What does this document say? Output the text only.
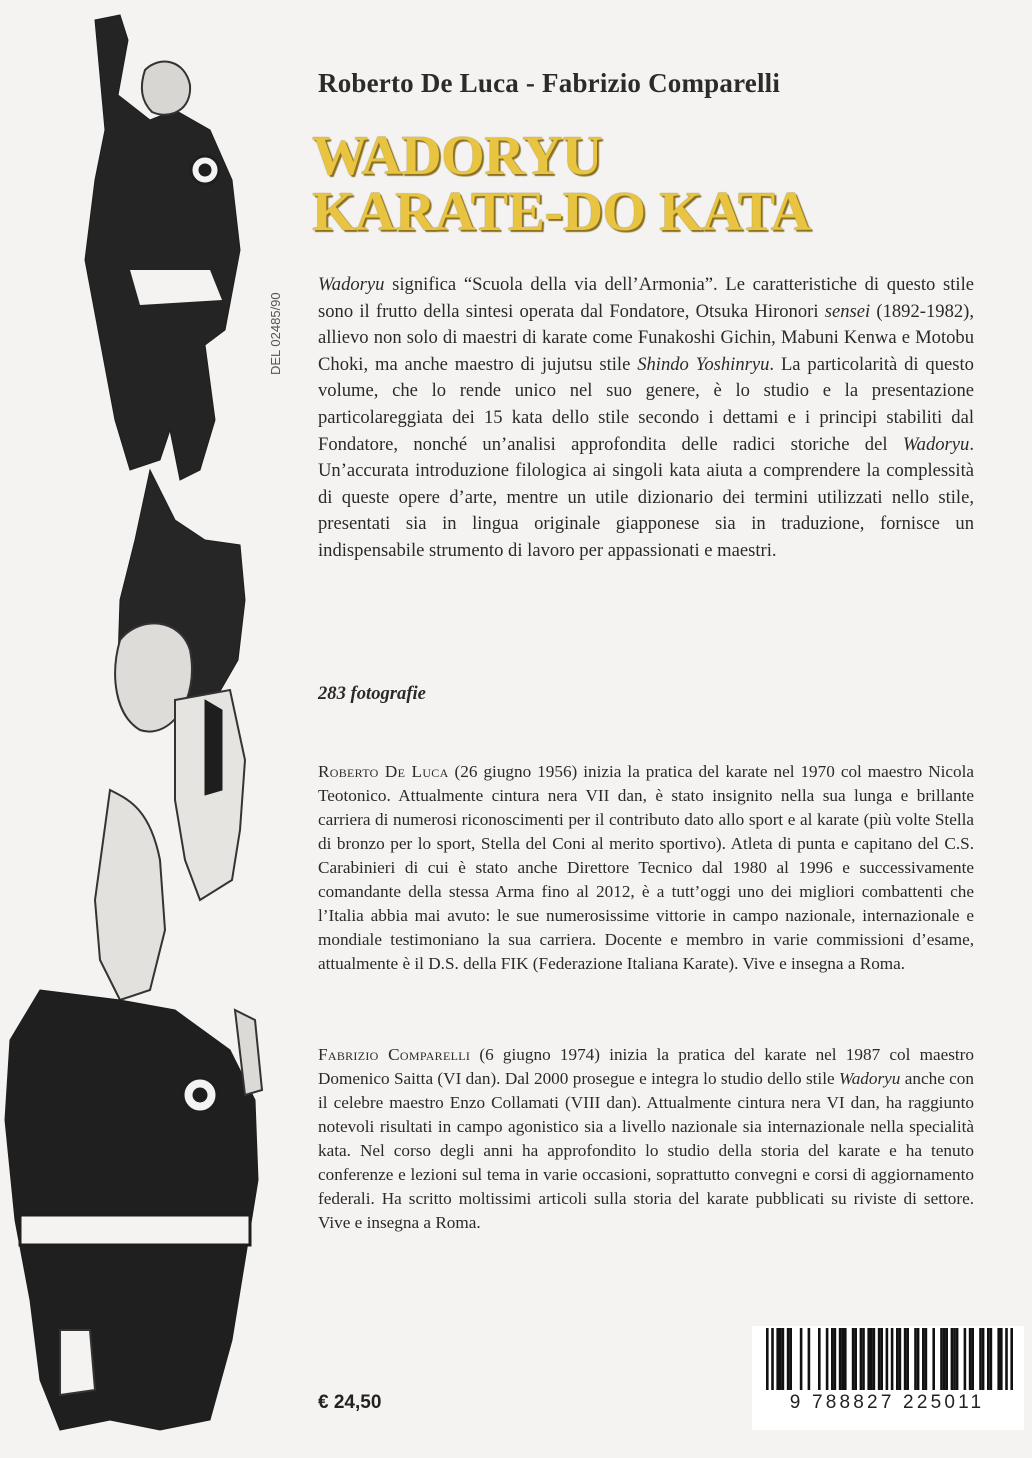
DEL 02485/90
Roberto De Luca - Fabrizio Comparelli
WADORYU
KARATE-DO KATA

Wadoryu significa “Scuola della via dell’Armonia”. Le caratteristiche di questo stile sono il frutto della sintesi operata dal Fondatore, Otsuka Hironori sensei (1892-1982), allievo non solo di maestri di karate come Funakoshi Gichin, Mabuni Kenwa e Motobu Choki, ma anche maestro di jujutsu stile Shindo Yoshinryu. La particolarità di questo volume, che lo rende unico nel suo genere, è lo studio e la presentazione particolareggiata dei 15 kata dello stile secondo i dettami e i principi stabiliti dal Fondatore, nonché un’analisi approfondita delle radici storiche del Wadoryu. Un’accurata introduzione filologica ai singoli kata aiuta a comprendere la complessità di queste opere d’arte, mentre un utile dizionario dei termini utilizzati nello stile, presentati sia in lingua originale giapponese sia in traduzione, fornisce un indispensabile strumento di lavoro per appassionati e maestri.

283 fotografie

Roberto De Luca (26 giugno 1956) inizia la pratica del karate nel 1970 col maestro Nicola Teotonico. Attualmente cintura nera VII dan, è stato insignito nella sua lunga e brillante carriera di numerosi riconoscimenti per il contributo dato allo sport e al karate (più volte Stella di bronzo per lo sport, Stella del Coni al merito sportivo). Atleta di punta e capitano del C.S. Carabinieri di cui è stato anche Direttore Tecnico dal 1980 al 1996 e successivamente comandante della stessa Arma fino al 2012, è a tutt’oggi uno dei migliori combattenti che l’Italia abbia mai avuto: le sue numerosissime vittorie in campo nazionale, internazionale e mondiale testimoniano la sua carriera. Docente e membro in varie commissioni d’esame, attualmente è il D.S. della FIK (Federazione Italiana Karate). Vive e insegna a Roma.

Fabrizio Comparelli (6 giugno 1974) inizia la pratica del karate nel 1987 col maestro Domenico Saitta (VI dan). Dal 2000 prosegue e integra lo studio dello stile Wadoryu anche con il celebre maestro Enzo Collamati (VIII dan). Attualmente cintura nera VI dan, ha raggiunto notevoli risultati in campo agonistico sia a livello nazionale sia internazionale nella specialità kata. Nel corso degli anni ha approfondito lo studio della storia del karate e ha tenuto conferenze e lezioni sul tema in varie occasioni, soprattutto convegni e corsi di aggiornamento federali. Ha scritto moltissimi articoli sulla storia del karate pubblicati su riviste di settore. Vive e insegna a Roma.

€ 24,50	9 788827 225011
